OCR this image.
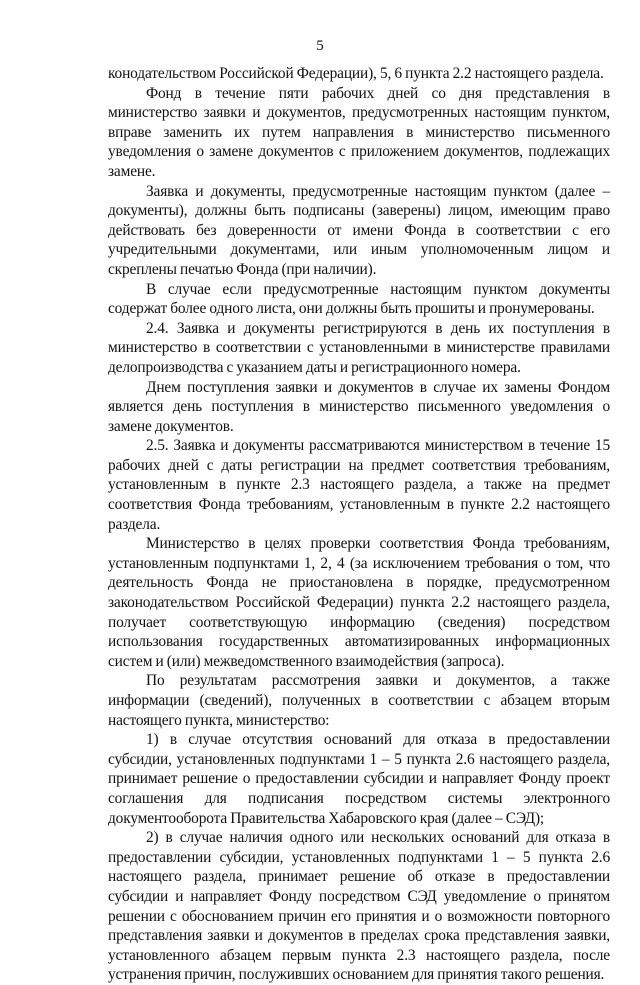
5

конодательством Российской Федерации), 5, 6 пункта 2.2 настоящего раздела.

Фонд в течение пяти рабочих дней со дня представления в министерство заявки и документов, предусмотренных настоящим пунктом, вправе заменить их путем направления в министерство письменного уведомления о замене документов с приложением документов, подлежащих замене.

Заявка и документы, предусмотренные настоящим пунктом (далее – документы), должны быть подписаны (заверены) лицом, имеющим право действовать без доверенности от имени Фонда в соответствии с его учредительными документами, или иным уполномоченным лицом и скреплены печатью Фонда (при наличии).

В случае если предусмотренные настоящим пунктом документы содержат более одного листа, они должны быть прошиты и пронумерованы.

2.4. Заявка и документы регистрируются в день их поступления в министерство в соответствии с установленными в министерстве правилами делопроизводства с указанием даты и регистрационного номера.

Днем поступления заявки и документов в случае их замены Фондом является день поступления в министерство письменного уведомления о замене документов.

2.5. Заявка и документы рассматриваются министерством в течение 15 рабочих дней с даты регистрации на предмет соответствия требованиям, установленным в пункте 2.3 настоящего раздела, а также на предмет соответствия Фонда требованиям, установленным в пункте 2.2 настоящего раздела.

Министерство в целях проверки соответствия Фонда требованиям, установленным подпунктами 1, 2, 4 (за исключением требования о том, что деятельность Фонда не приостановлена в порядке, предусмотренном законодательством Российской Федерации) пункта 2.2 настоящего раздела, получает соответствующую информацию (сведения) посредством использования государственных автоматизированных информационных систем и (или) межведомственного взаимодействия (запроса).

По результатам рассмотрения заявки и документов, а также информации (сведений), полученных в соответствии с абзацем вторым настоящего пункта, министерство:

1) в случае отсутствия оснований для отказа в предоставлении субсидии, установленных подпунктами 1 – 5 пункта 2.6 настоящего раздела, принимает решение о предоставлении субсидии и направляет Фонду проект соглашения для подписания посредством системы электронного документооборота Правительства Хабаровского края (далее – СЭД);

2) в случае наличия одного или нескольких оснований для отказа в предоставлении субсидии, установленных подпунктами 1 – 5 пункта 2.6 настоящего раздела, принимает решение об отказе в предоставлении субсидии и направляет Фонду посредством СЭД уведомление о принятом решении с обоснованием причин его принятия и о возможности повторного представления заявки и документов в пределах срока представления заявки, установленного абзацем первым пункта 2.3 настоящего раздела, после устранения причин, послуживших основанием для принятия такого решения.
